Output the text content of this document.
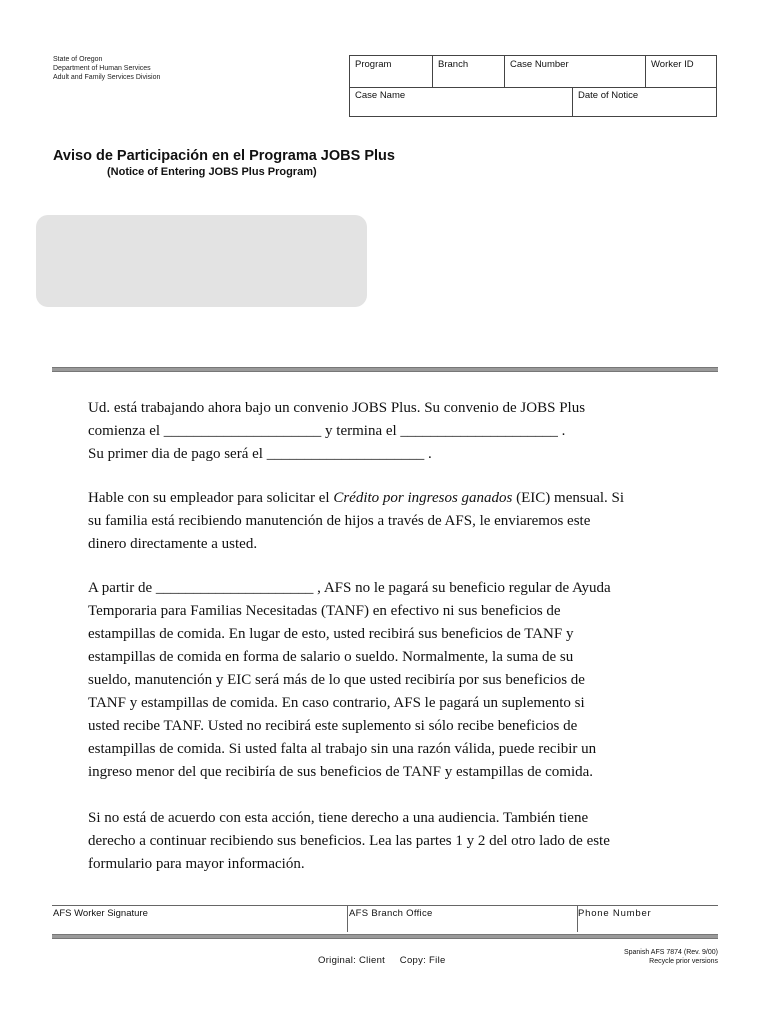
State of Oregon
Department of Human Services
Adult and Family Services Division
Program	Branch	Case Number	Worker ID
Case Name	Date of Notice
Aviso de Participación en el Programa JOBS Plus
(Notice of Entering JOBS Plus Program)

Ud. está trabajando ahora bajo un convenio JOBS Plus. Su convenio de JOBS Plus

comienza el _____________________ y termina el _____________________ .

Su primer dia de pago será el _____________________ .

Hable con su empleador para solicitar el Crédito por ingresos ganados (EIC) mensual. Si

su familia está recibiendo manutención de hijos a través de AFS, le enviaremos este

dinero directamente a usted.

A partir de _____________________ , AFS no le pagará su beneficio regular de Ayuda

Temporaria para Familias Necesitadas (TANF) en efectivo ni sus beneficios de

estampillas de comida. En lugar de esto, usted recibirá sus beneficios de TANF y

estampillas de comida en forma de salario o sueldo. Normalmente, la suma de su

sueldo, manutención y EIC será más de lo que usted recibiría por sus beneficios de

TANF y estampillas de comida. En caso contrario, AFS le pagará un suplemento si

usted recibe TANF. Usted no recibirá este suplemento si sólo recibe beneficios de

estampillas de comida. Si usted falta al trabajo sin una razón válida, puede recibir un

ingreso menor del que recibiría de sus beneficios de TANF y estampillas de comida.

Si no está de acuerdo con esta acción, tiene derecho a una audiencia. También tiene

derecho a continuar recibiendo sus beneficios. Lea las partes 1 y 2 del otro lado de este

formulario para mayor información.

AFS Worker Signature	AFS Branch Office	Phone Number
Original: Client     Copy: File
Spanish AFS 7874 (Rev. 9/00)
Recycle prior versions
